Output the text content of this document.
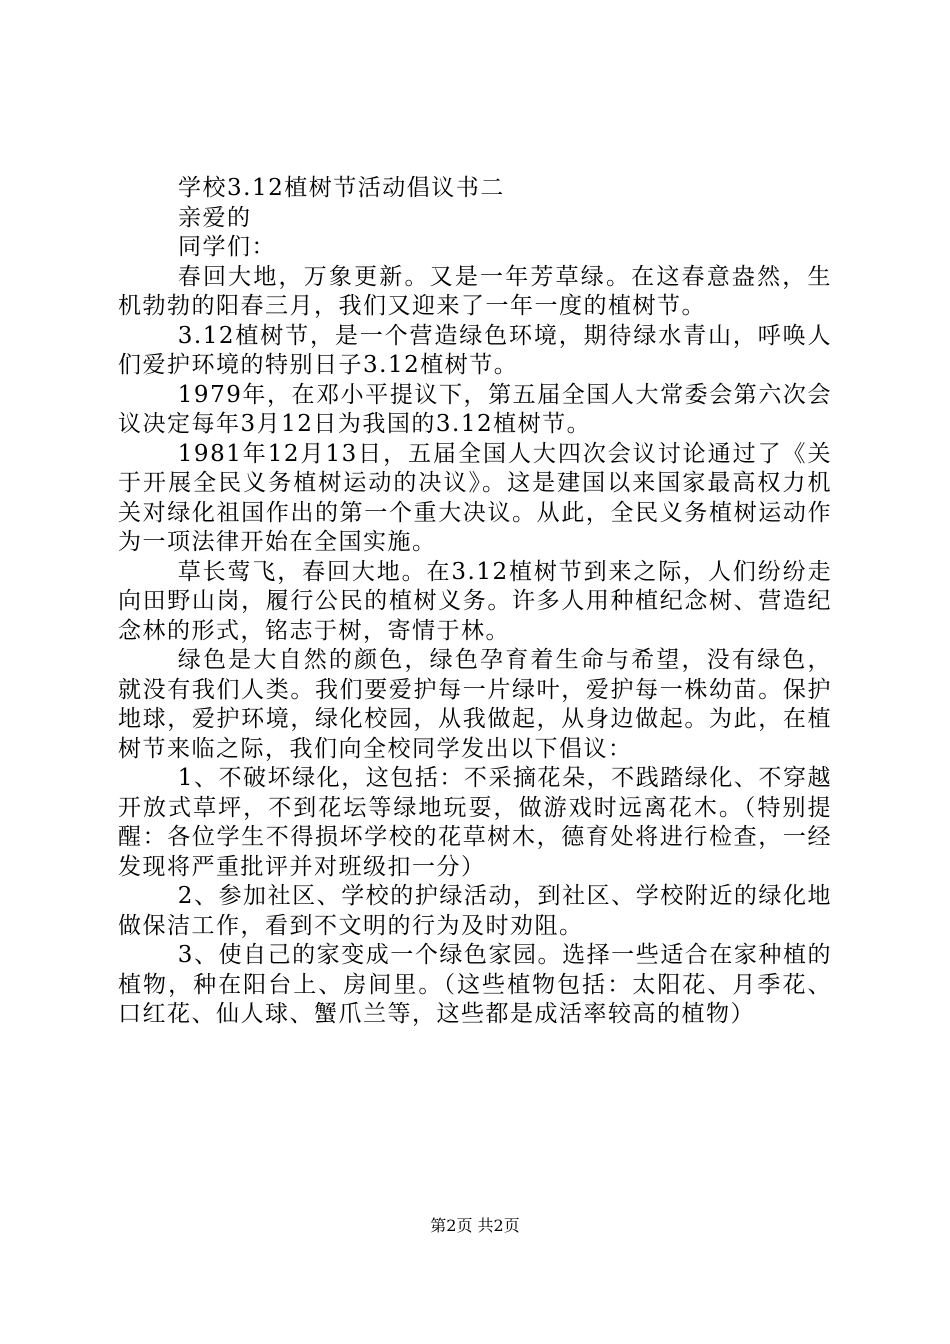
学校3.12植树节活动倡议书二

亲爱的

同学们：

春回大地，万象更新。又是一年芳草绿。在这春意盎然，生机勃勃的阳春三月，我们又迎来了一年一度的植树节。

3.12植树节，是一个营造绿色环境，期待绿水青山，呼唤人们爱护环境的特别日子3.12植树节。

1979年，在邓小平提议下，第五届全国人大常委会第六次会议决定每年3月12日为我国的3.12植树节。

1981年12月13日，五届全国人大四次会议讨论通过了《关于开展全民义务植树运动的决议》。这是建国以来国家最高权力机关对绿化祖国作出的第一个重大决议。从此，全民义务植树运动作为一项法律开始在全国实施。

草长莺飞，春回大地。在3.12植树节到来之际，人们纷纷走向田野山岗，履行公民的植树义务。许多人用种植纪念树、营造纪念林的形式，铭志于树，寄情于林。

绿色是大自然的颜色，绿色孕育着生命与希望，没有绿色，就没有我们人类。我们要爱护每一片绿叶，爱护每一株幼苗。保护地球，爱护环境，绿化校园，从我做起，从身边做起。为此，在植树节来临之际，我们向全校同学发出以下倡议：

1、不破坏绿化，这包括：不采摘花朵，不践踏绿化、不穿越开放式草坪，不到花坛等绿地玩耍，做游戏时远离花木。（特别提醒：各位学生不得损坏学校的花草树木，德育处将进行检查，一经发现将严重批评并对班级扣一分）

2、参加社区、学校的护绿活动，到社区、学校附近的绿化地做保洁工作，看到不文明的行为及时劝阻。

3、使自己的家变成一个绿色家园。选择一些适合在家种植的植物，种在阳台上、房间里。（这些植物包括：太阳花、月季花、口红花、仙人球、蟹爪兰等，这些都是成活率较高的植物）

第2页 共2页
